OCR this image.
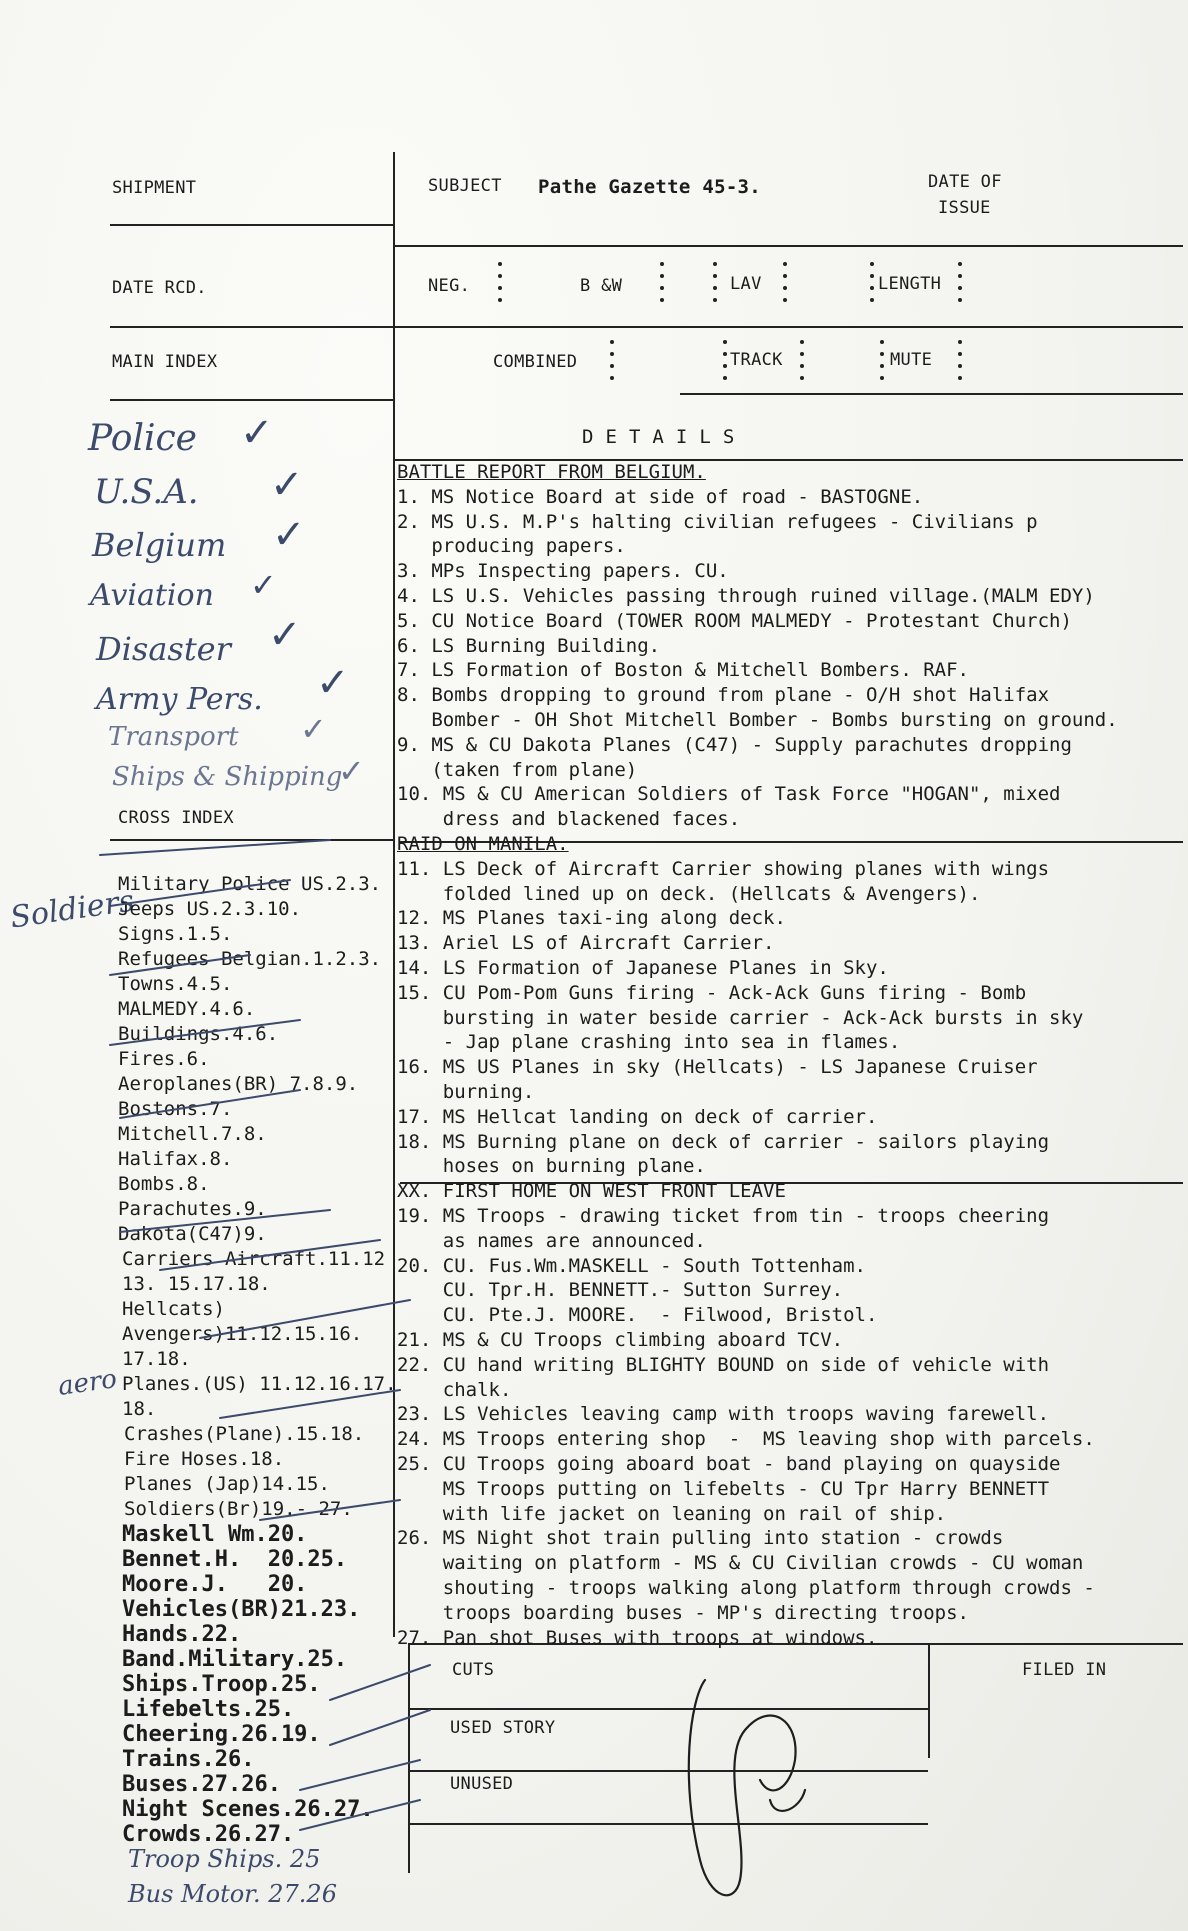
SHIPMENT	SUBJECT Pathe Gazette 45-3.	DATE OF
ISSUE
DATE RCD.	NEG.	B &W	LAV	LENGTH
MAIN INDEX	COMBINED	TRACK	MUTE
Police
U.S.A.
Belgium
Aviation
Disaster
Army Pers.
Transport
Ships & Shipping
✓
✓
✓
✓
✓
✓
✓
✓
CROSS INDEX
Soldiers
aero
Military Police US.2.3.
Jeeps US.2.3.10.
Signs.1.5.
Refugees Belgian.1.2.3.
Towns.4.5.
MALMEDY.4.6.
Buildings.4.6.
Fires.6.
Aeroplanes(BR) 7.8.9.
Bostons.7.
Mitchell.7.8.
Halifax.8.
Bombs.8.
Parachutes.9.
Dakota(C47)9.
Carriers Aircraft.11.12
13. 15.17.18.
Hellcats)
Avengers)11.12.15.16.
17.18.
Planes.(US) 11.12.16.17.
18.
Crashes(Plane).15.18.
Fire Hoses.18.
Planes (Jap)14.15.
Soldiers(Br)19.- 27.
Maskell Wm.20.
Bennet.H.  20.25.
Moore.J.   20.
Vehicles(BR)21.23.
Hands.22.
Band.Military.25.
Ships.Troop.25.
Lifebelts.25.
Cheering.26.19.
Trains.26.
Buses.27.26.
Night Scenes.26.27.
Crowds.26.27.
Troop Ships. 25
Bus Motor. 27.26
D E T A I L S
BATTLE REPORT FROM BELGIUM.
1. MS Notice Board at side of road - BASTOGNE.
2. MS U.S. M.P's halting civilian refugees - Civilians p
producing papers.
3. MPs Inspecting papers. CU.
4. LS U.S. Vehicles passing through ruined village.(MALM EDY)
5. CU Notice Board (TOWER ROOM MALMEDY - Protestant Church)
6. LS Burning Building.
7. LS Formation of Boston & Mitchell Bombers. RAF.
8. Bombs dropping to ground from plane - O/H shot Halifax
Bomber - OH Shot Mitchell Bomber - Bombs bursting on ground.
9. MS & CU Dakota Planes (C47) - Supply parachutes dropping
(taken from plane)
10. MS & CU American Soldiers of Task Force "HOGAN", mixed
dress and blackened faces.
RAID ON MANILA.
11. LS Deck of Aircraft Carrier showing planes with wings
folded lined up on deck. (Hellcats & Avengers).
12. MS Planes taxi-ing along deck.
13. Ariel LS of Aircraft Carrier.
14. LS Formation of Japanese Planes in Sky.
15. CU Pom-Pom Guns firing - Ack-Ack Guns firing - Bomb
bursting in water beside carrier - Ack-Ack bursts in sky
- Jap plane crashing into sea in flames.
16. MS US Planes in sky (Hellcats) - LS Japanese Cruiser
burning.
17. MS Hellcat landing on deck of carrier.
18. MS Burning plane on deck of carrier - sailors playing
hoses on burning plane.
XX. FIRST HOME ON WEST FRONT LEAVE
19. MS Troops - drawing ticket from tin - troops cheering
as names are announced.
20. CU. Fus.Wm.MASKELL - South Tottenham.
CU. Tpr.H. BENNETT.- Sutton Surrey.
CU. Pte.J. MOORE.  - Filwood, Bristol.
21. MS & CU Troops climbing aboard TCV.
22. CU hand writing BLIGHTY BOUND on side of vehicle with
chalk.
23. LS Vehicles leaving camp with troops waving farewell.
24. MS Troops entering shop  -  MS leaving shop with parcels.
25. CU Troops going aboard boat - band playing on quayside
MS Troops putting on lifebelts - CU Tpr Harry BENNETT
with life jacket on leaning on rail of ship.
26. MS Night shot train pulling into station - crowds
waiting on platform - MS & CU Civilian crowds - CU woman
shouting - troops walking along platform through crowds -
troops boarding buses - MP's directing troops.
27. Pan shot Buses with troops at windows.
CUTS	FILED IN
USED STORY
UNUSED
